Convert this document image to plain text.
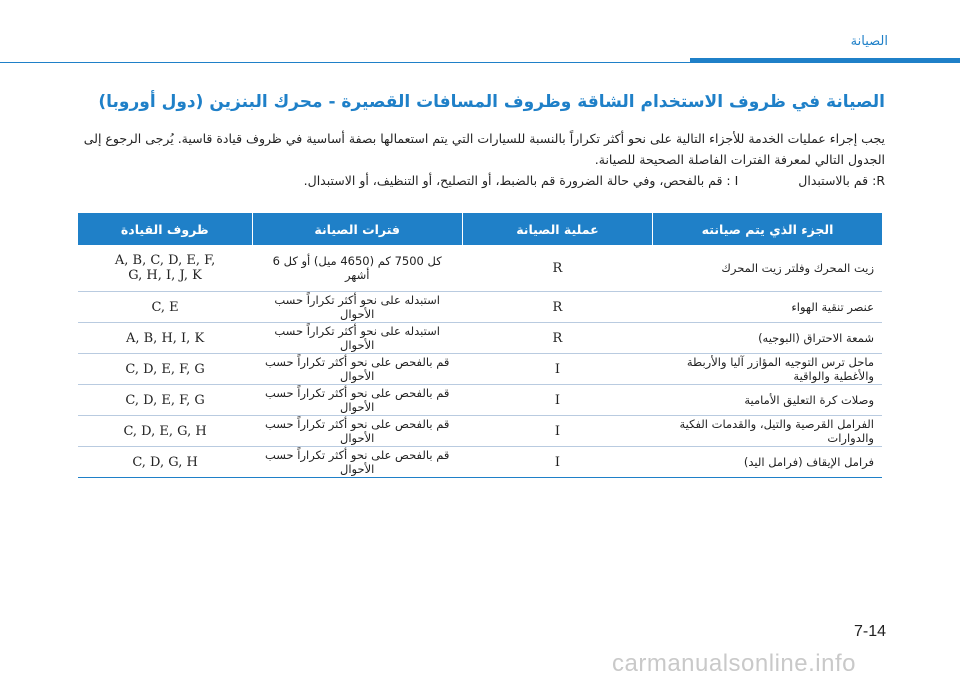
الصيانة
الصيانة في ظروف الاستخدام الشاقة وظروف المسافات القصيرة - محرك البنزين (دول أوروبا)

يجب إجراء عمليات الخدمة للأجزاء التالية على نحو أكثر تكراراً بالنسبة للسيارات التي يتم استعمالها بصفة أساسية في ظروف قيادة قاسية. يُرجى الرجوع إلى الجدول التالي لمعرفة الفترات الفاصلة الصحيحة للصيانة.

I : قم بالفحص، وفي حالة الضرورة قم بالضبط، أو التصليح، أو التنظيف، أو الاستبدال.	R: قم بالاستبدال
الجزء الذي يتم صيانته	عملية الصيانة	فترات الصيانة	ظروف القيادة
زيت المحرك وفلتر زيت المحرك	R	كل 7500 كم (4650 ميل) أو كل 6 أشهر	A, B, C, D, E, F,
G, H, I, J, K

عنصر تنقية الهواء	R	استبدله على نحو أكثر تكراراً حسب الأحوال	C, E
شمعة الاحتراق (البوجيه)	R	استبدله على نحو أكثر تكراراً حسب الأحوال	A, B, H, I, K
ماحل ترس التوجيه المؤازر آليا والأربطة والأغطية والواقية	I	قم بالفحص على نحو أكثر تكراراً حسب الأحوال	C, D, E, F, G
وصلات كرة التعليق الأمامية	I	قم بالفحص على نحو أكثر تكراراً حسب الأحوال	C, D, E, F, G
الفرامل القرصية والتيل، والقدمات الفكية والدوارات	I	قم بالفحص على نحو أكثر تكراراً حسب الأحوال	C, D, E, G, H
فرامل الإيقاف (فرامل اليد)	I	قم بالفحص على نحو أكثر تكراراً حسب الأحوال	C, D, G, H
7-14
carmanualsonline.info
